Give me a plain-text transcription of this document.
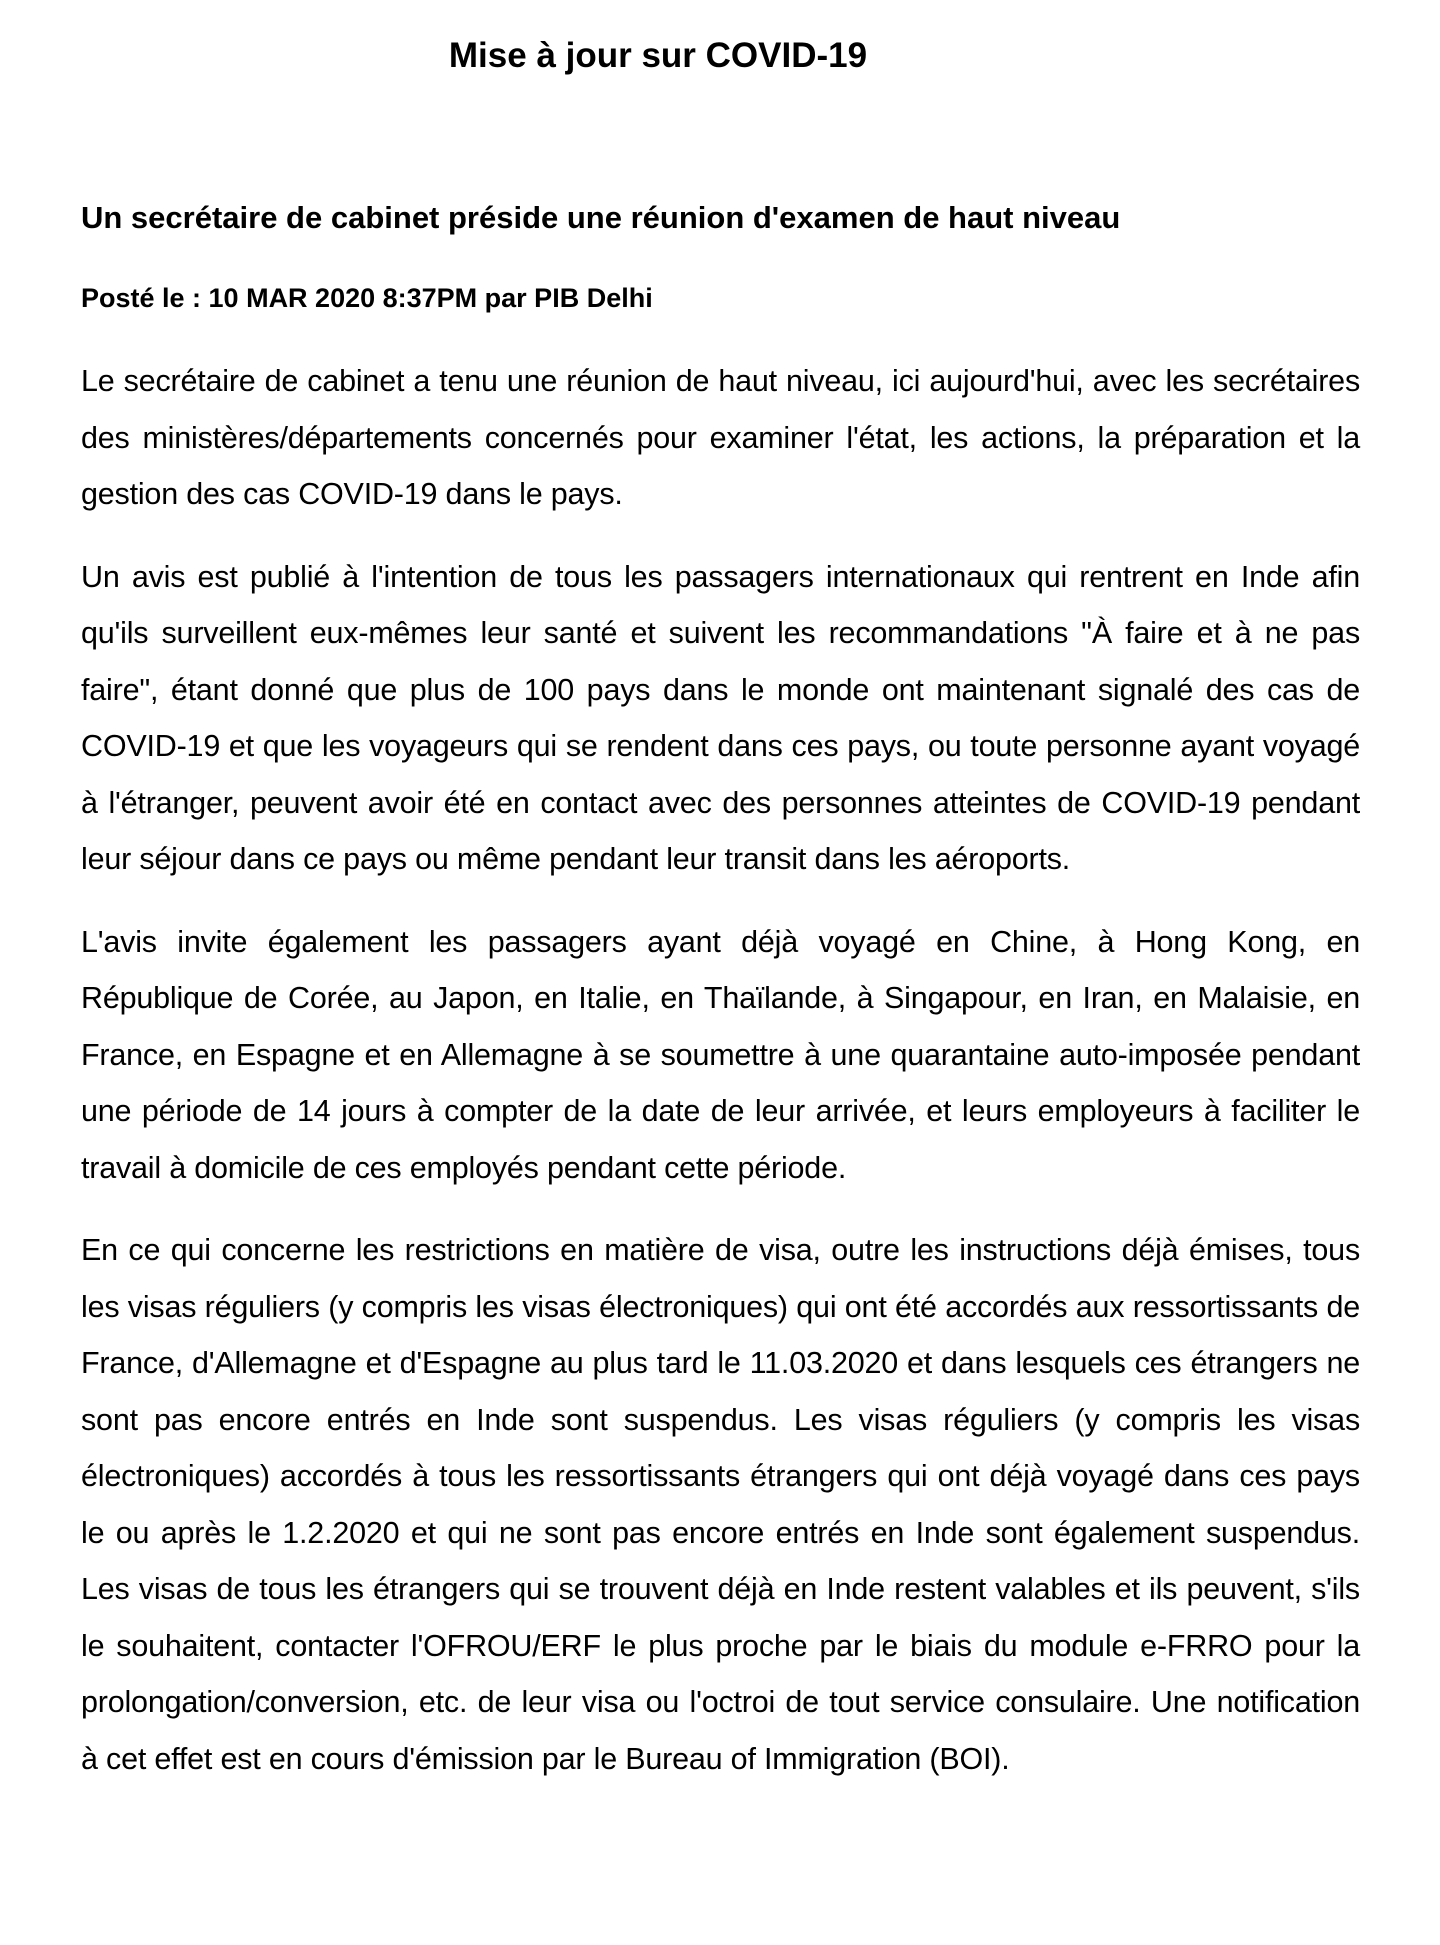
Mise à jour sur COVID-19
Un secrétaire de cabinet préside une réunion d'examen de haut niveau

Posté le : 10 MAR 2020 8:37PM par PIB Delhi

Le secrétaire de cabinet a tenu une réunion de haut niveau, ici aujourd'hui, avec les secrétaires des ministères/départements concernés pour examiner l'état, les actions, la préparation et la gestion des cas COVID-19 dans le pays.

Un avis est publié à l'intention de tous les passagers internationaux qui rentrent en Inde afin qu'ils surveillent eux-mêmes leur santé et suivent les recommandations "À faire et à ne pas faire", étant donné que plus de 100 pays dans le monde ont maintenant signalé des cas de COVID-19 et que les voyageurs qui se rendent dans ces pays, ou toute personne ayant voyagé à l'étranger, peuvent avoir été en contact avec des personnes atteintes de COVID-19 pendant leur séjour dans ce pays ou même pendant leur transit dans les aéroports.

L'avis invite également les passagers ayant déjà voyagé en Chine, à Hong Kong, en République de Corée, au Japon, en Italie, en Thaïlande, à Singapour, en Iran, en Malaisie, en France, en Espagne et en Allemagne à se soumettre à une quarantaine auto-imposée pendant une période de 14 jours à compter de la date de leur arrivée, et leurs employeurs à faciliter le travail à domicile de ces employés pendant cette période.

En ce qui concerne les restrictions en matière de visa, outre les instructions déjà émises, tous les visas réguliers (y compris les visas électroniques) qui ont été accordés aux ressortissants de France, d'Allemagne et d'Espagne au plus tard le 11.03.2020 et dans lesquels ces étrangers ne sont pas encore entrés en Inde sont suspendus. Les visas réguliers (y compris les visas électroniques) accordés à tous les ressortissants étrangers qui ont déjà voyagé dans ces pays le ou après le 1.2.2020 et qui ne sont pas encore entrés en Inde sont également suspendus. Les visas de tous les étrangers qui se trouvent déjà en Inde restent valables et ils peuvent, s'ils le souhaitent, contacter l'OFROU/ERF le plus proche par le biais du module e-FRRO pour la prolongation/conversion, etc. de leur visa ou l'octroi de tout service consulaire. Une notification à cet effet est en cours d'émission par le Bureau of Immigration (BOI).
